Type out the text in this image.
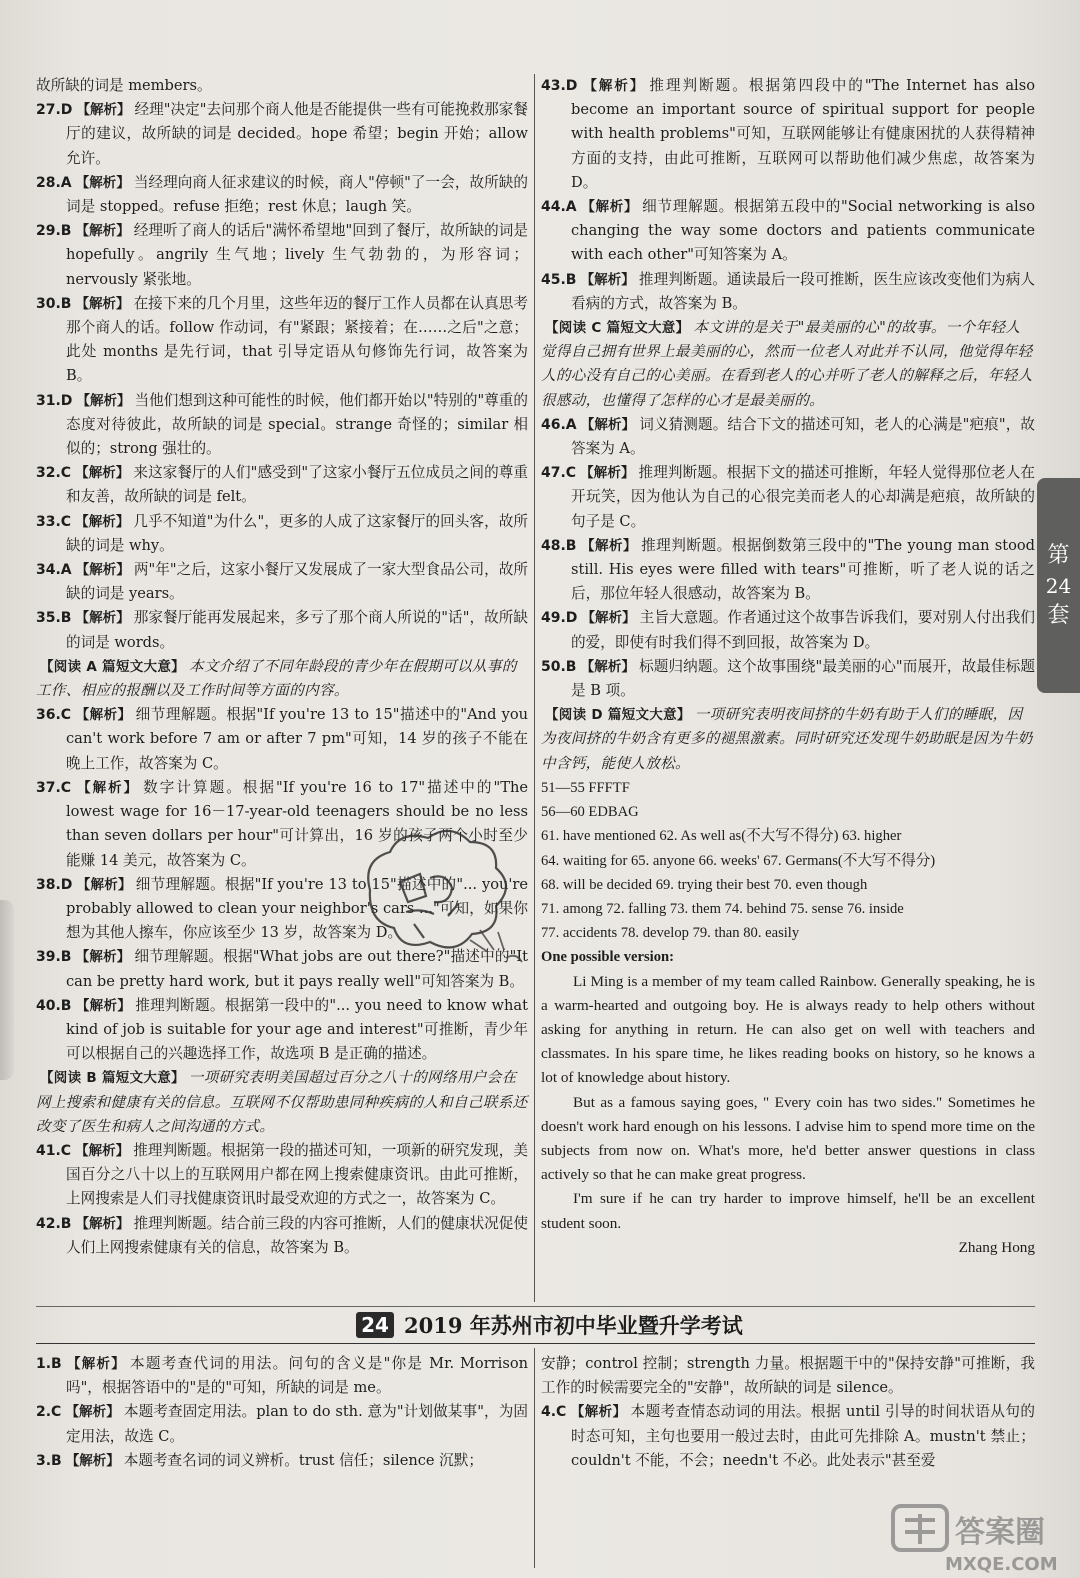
故所缺的词是 members。

27.D 【解析】 经理"决定"去问那个商人他是否能提供一些有可能挽救那家餐厅的建议，故所缺的词是 decided。hope 希望；begin 开始；allow 允许。

28.A 【解析】 当经理向商人征求建议的时候，商人"停顿"了一会，故所缺的词是 stopped。refuse 拒绝；rest 休息；laugh 笑。

29.B 【解析】 经理听了商人的话后"满怀希望地"回到了餐厅，故所缺的词是 hopefully。angrily 生气地；lively 生气勃勃的，为形容词；nervously 紧张地。

30.B 【解析】 在接下来的几个月里，这些年迈的餐厅工作人员都在认真思考那个商人的话。follow 作动词，有"紧跟；紧接着；在……之后"之意；此处 months 是先行词，that 引导定语从句修饰先行词，故答案为 B。

31.D 【解析】 当他们想到这种可能性的时候，他们都开始以"特别的"尊重的态度对待彼此，故所缺的词是 special。strange 奇怪的；similar 相似的；strong 强壮的。

32.C 【解析】 来这家餐厅的人们"感受到"了这家小餐厅五位成员之间的尊重和友善，故所缺的词是 felt。

33.C 【解析】 几乎不知道"为什么"，更多的人成了这家餐厅的回头客，故所缺的词是 why。

34.A 【解析】 两"年"之后，这家小餐厅又发展成了一家大型食品公司，故所缺的词是 years。

35.B 【解析】 那家餐厅能再发展起来，多亏了那个商人所说的"话"，故所缺的词是 words。

【阅读 A 篇短文大意】 本文介绍了不同年龄段的青少年在假期可以从事的工作、相应的报酬以及工作时间等方面的内容。

36.C 【解析】 细节理解题。根据"If you're 13 to 15"描述中的"And you can't work before 7 am or after 7 pm"可知，14 岁的孩子不能在晚上工作，故答案为 C。

37.C 【解析】 数字计算题。根据"If you're 16 to 17"描述中的"The lowest wage for 16－17-year-old teenagers should be no less than seven dollars per hour"可计算出，16 岁的孩子两个小时至少能赚 14 美元，故答案为 C。

38.D 【解析】 细节理解题。根据"If you're 13 to 15"描述中的"... you're probably allowed to clean your neighbor's cars ..."可知，如果你想为其他人擦车，你应该至少 13 岁，故答案为 D。

39.B 【解析】 细节理解题。根据"What jobs are out there?"描述中的"It can be pretty hard work, but it pays really well"可知答案为 B。

40.B 【解析】 推理判断题。根据第一段中的"... you need to know what kind of job is suitable for your age and interest"可推断，青少年可以根据自己的兴趣选择工作，故选项 B 是正确的描述。

【阅读 B 篇短文大意】 一项研究表明美国超过百分之八十的网络用户会在网上搜索和健康有关的信息。互联网不仅帮助患同种疾病的人和自己联系还改变了医生和病人之间沟通的方式。

41.C 【解析】 推理判断题。根据第一段的描述可知，一项新的研究发现，美国百分之八十以上的互联网用户都在网上搜索健康资讯。由此可推断，上网搜索是人们寻找健康资讯时最受欢迎的方式之一，故答案为 C。

42.B 【解析】 推理判断题。结合前三段的内容可推断，人们的健康状况促使人们上网搜索健康有关的信息，故答案为 B。

43.D 【解析】 推理判断题。根据第四段中的"The Internet has also become an important source of spiritual support for people with health problems"可知，互联网能够让有健康困扰的人获得精神方面的支持，由此可推断，互联网可以帮助他们减少焦虑，故答案为 D。

44.A 【解析】 细节理解题。根据第五段中的"Social networking is also changing the way some doctors and patients communicate with each other"可知答案为 A。

45.B 【解析】 推理判断题。通读最后一段可推断，医生应该改变他们为病人看病的方式，故答案为 B。

【阅读 C 篇短文大意】 本文讲的是关于"最美丽的心"的故事。一个年轻人觉得自己拥有世界上最美丽的心，然而一位老人对此并不认同，他觉得年轻人的心没有自己的心美丽。在看到老人的心并听了老人的解释之后，年轻人很感动，也懂得了怎样的心才是最美丽的。

46.A 【解析】 词义猜测题。结合下文的描述可知，老人的心满是"疤痕"，故答案为 A。

47.C 【解析】 推理判断题。根据下文的描述可推断，年轻人觉得那位老人在开玩笑，因为他认为自己的心很完美而老人的心却满是疤痕，故所缺的句子是 C。

48.B 【解析】 推理判断题。根据倒数第三段中的"The young man stood still. His eyes were filled with tears"可推断，听了老人说的话之后，那位年轻人很感动，故答案为 B。

49.D 【解析】 主旨大意题。作者通过这个故事告诉我们，要对别人付出我们的爱，即使有时我们得不到回报，故答案为 D。

50.B 【解析】 标题归纳题。这个故事围绕"最美丽的心"而展开，故最佳标题是 B 项。

【阅读 D 篇短文大意】 一项研究表明夜间挤的牛奶有助于人们的睡眠，因为夜间挤的牛奶含有更多的褪黑激素。同时研究还发现牛奶助眠是因为牛奶中含钙，能使人放松。

51—55 FFFTF

56—60 EDBAG

61. have mentioned 62. As well as(不大写不得分) 63. higher

64. waiting for 65. anyone 66. weeks' 67. Germans(不大写不得分)

68. will be decided 69. trying their best 70. even though

71. among 72. falling 73. them 74. behind 75. sense 76. inside

77. accidents 78. develop 79. than 80. easily

One possible version:

Li Ming is a member of my team called Rainbow. Generally speaking, he is a warm-hearted and outgoing boy. He is always ready to help others without asking for anything in return. He can also get on well with teachers and classmates. In his spare time, he likes reading books on history, so he knows a lot of knowledge about history.

But as a famous saying goes, " Every coin has two sides." Sometimes he doesn't work hard enough on his lessons. I advise him to spend more time on the subjects from now on. What's more, he'd better answer questions in class actively so that he can make great progress.

I'm sure if he can try harder to improve himself, he'll be an excellent student soon.

Zhang Hong

24 2019 年苏州市初中毕业暨升学考试

1.B 【解析】 本题考查代词的用法。问句的含义是"你是 Mr. Morrison 吗"，根据答语中的"是的"可知，所缺的词是 me。

2.C 【解析】 本题考查固定用法。plan to do sth. 意为"计划做某事"，为固定用法，故选 C。

3.B 【解析】 本题考查名词的词义辨析。trust 信任；silence 沉默；

安静；control 控制；strength 力量。根据题干中的"保持安静"可推断，我工作的时候需要完全的"安静"，故所缺的词是 silence。

4.C 【解析】 本题考查情态动词的用法。根据 until 引导的时间状语从句的时态可知，主句也要用一般过去时，由此可先排除 A。mustn't 禁止；couldn't 不能，不会；needn't 不必。此处表示"甚至爱

第
24
套
答案圈
MXQE.COM
